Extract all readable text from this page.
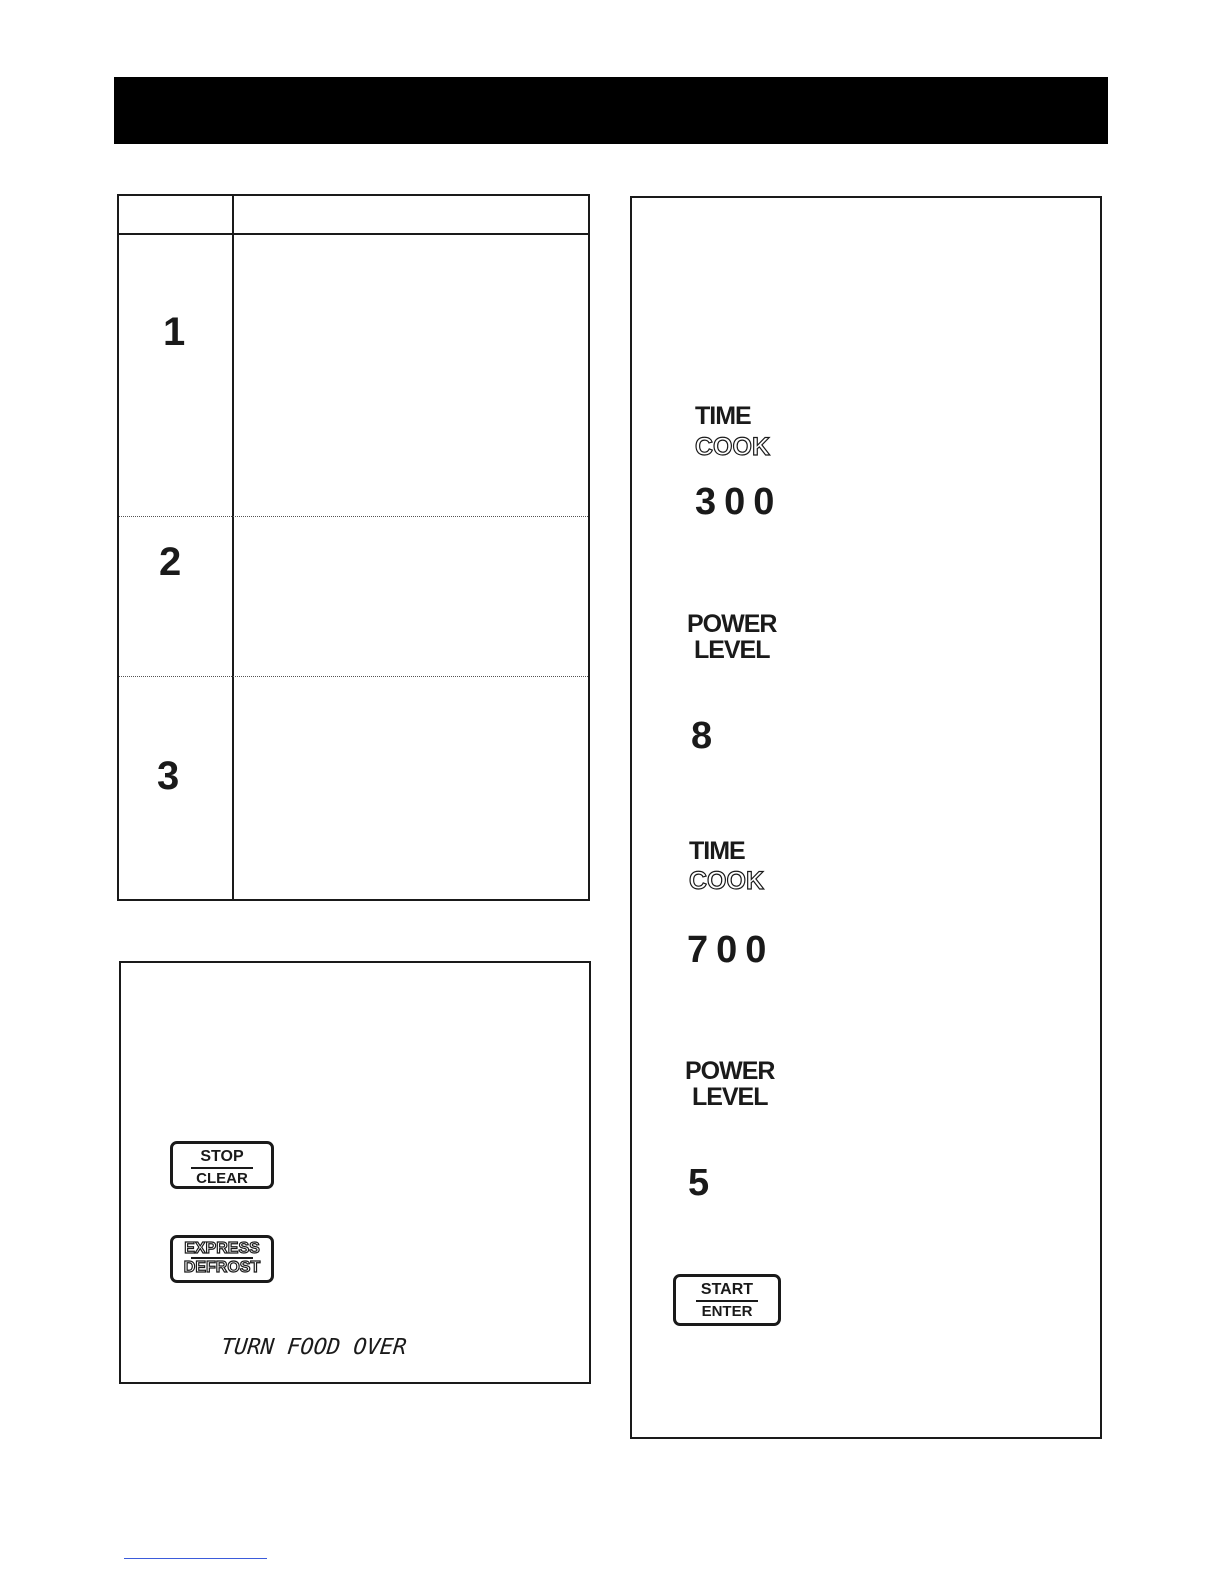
1
2
3
STOP
CLEAR
EXPRESS
DEFROST
TURN FOOD OVER
TIME
COOK
300
POWER
LEVEL
8
TIME
COOK
700
POWER
LEVEL
5
START
ENTER
